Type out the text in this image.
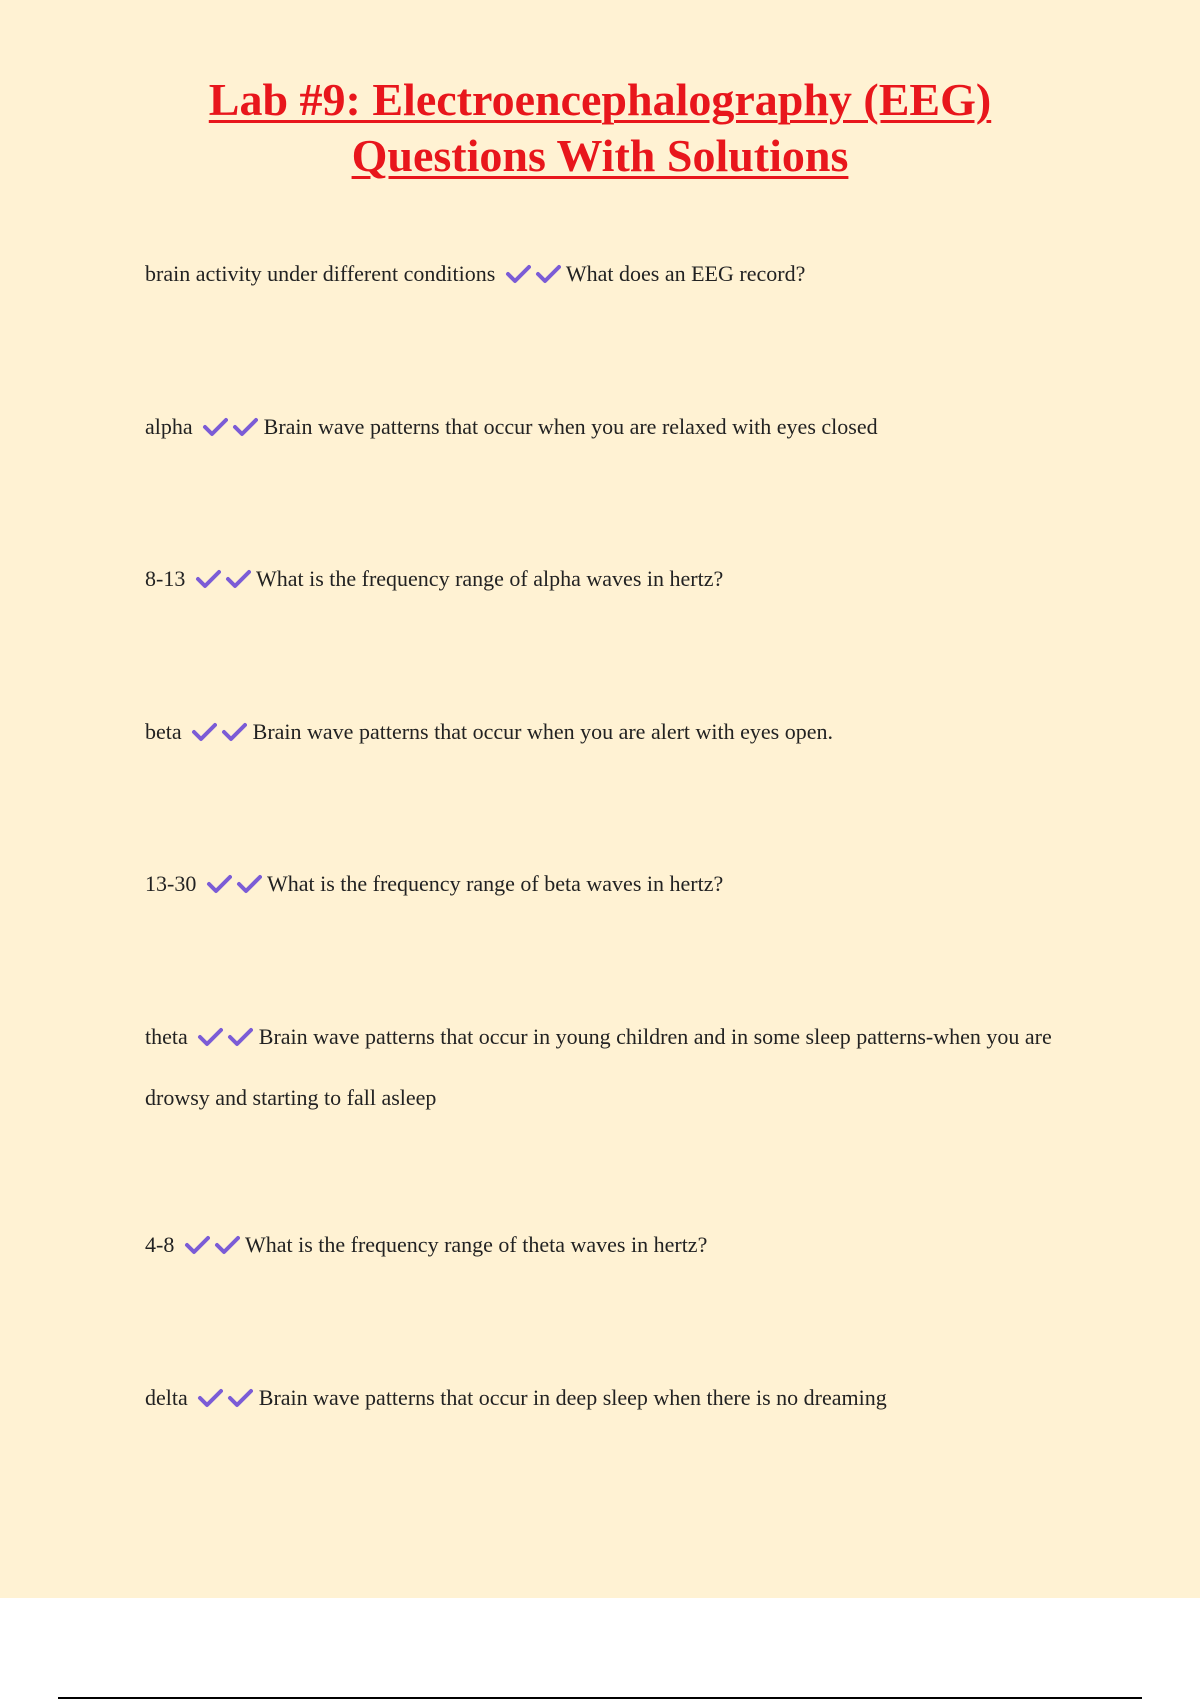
Lab #9: Electroencephalography (EEG)
Questions With Solutions
brain activity under different conditions	What does an EEG record?
alpha	Brain wave patterns that occur when you are relaxed with eyes closed
8-13	What is the frequency range of alpha waves in hertz?
beta	Brain wave patterns that occur when you are alert with eyes open.
13-30	What is the frequency range of beta waves in hertz?
theta	Brain wave patterns that occur in young children and in some sleep patterns-when you are drowsy and starting to fall asleep
4-8	What is the frequency range of theta waves in hertz?
delta	Brain wave patterns that occur in deep sleep when there is no dreaming
